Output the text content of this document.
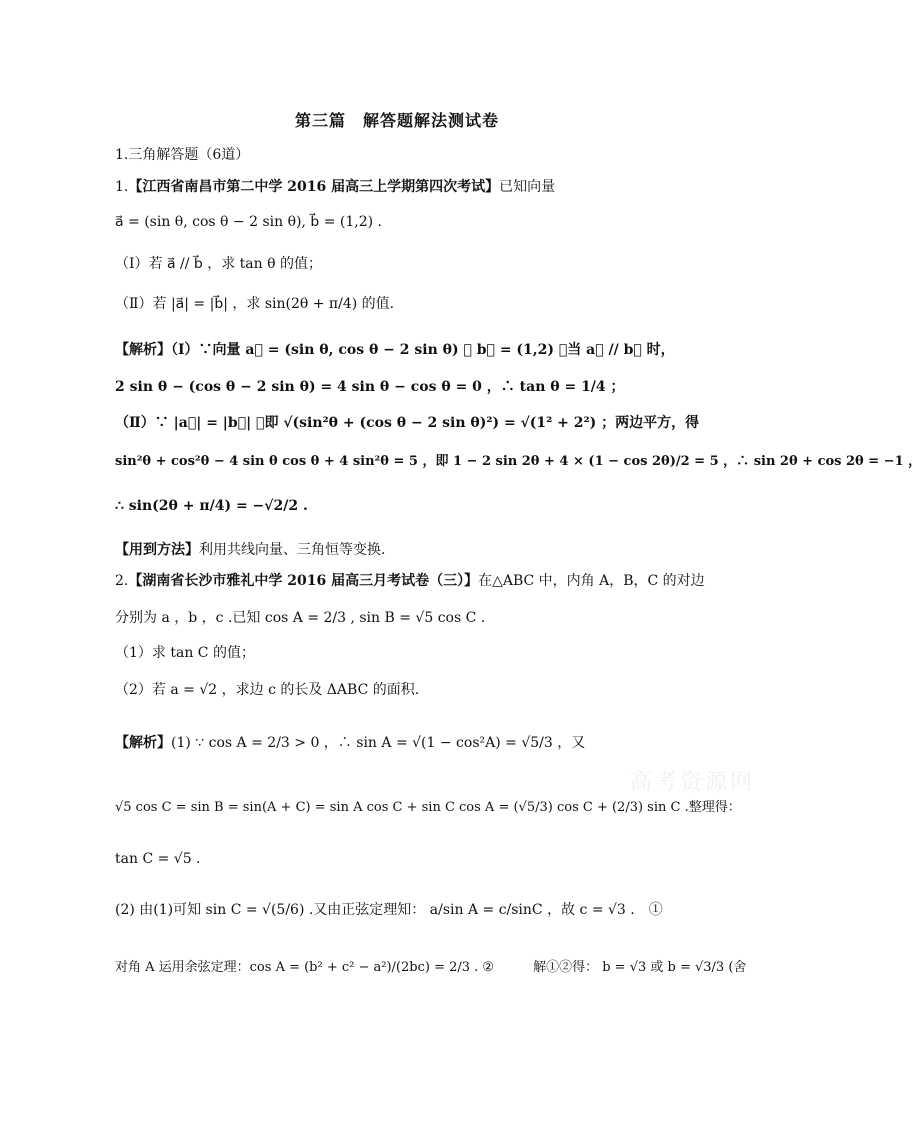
第三篇　解答题解法测试卷
1.三角解答题（6道）
1.【江西省南昌市第二中学 2016 届高三上学期第四次考试】已知向量
a⃗ = (sin θ, cos θ − 2 sin θ), b⃗ = (1,2) .
（Ⅰ）若 a⃗ // b⃗ ，求 tan θ 的值；
（Ⅱ）若 |a⃗| = |b⃗| ，求 sin(2θ + π/4) 的值.
【解析】（Ⅰ）∵向量 a⃗ = (sin θ, cos θ − 2 sin θ) ， b⃗ = (1,2) ，当 a⃗ // b⃗ 时，
2 sin θ − (cos θ − 2 sin θ) = 4 sin θ − cos θ = 0 ，∴ tan θ = 1/4 ；
（Ⅱ）∵ |a⃗| = |b⃗| ，即 √(sin²θ + (cos θ − 2 sin θ)²) = √(1² + 2²) ；两边平方，得
sin²θ + cos²θ − 4 sin θ cos θ + 4 sin²θ = 5 ，即 1 − 2 sin 2θ + 4 × (1 − cos 2θ)/2 = 5 ，∴ sin 2θ + cos 2θ = −1 ，
∴ sin(2θ + π/4) = −√2/2 .
【用到方法】利用共线向量、三角恒等变换.
2.【湖南省长沙市雅礼中学 2016 届高三月考试卷（三）】在△ABC 中，内角 A，B，C 的对边
分别为 a ，b ，c .已知 cos A = 2/3 , sin B = √5 cos C .
（1）求 tan C 的值；
（2）若 a = √2 ，求边 c 的长及 ΔABC 的面积.
【解析】(1) ∵ cos A = 2/3 > 0 ，∴ sin A = √(1 − cos²A) = √5/3 ，又
√5 cos C = sin B = sin(A + C) = sin A cos C + sin C cos A = (√5/3) cos C + (2/3) sin C .整理得：
tan C = √5 .
(2) 由(1)可知 sin C = √(5/6) .又由正弦定理知： a/sin A = c/sinC ，故 c = √3 .　①
对角 A 运用余弦定理：cos A = (b² + c² − a²)/(2bc) = 2/3 . ②　　　解①②得： b = √3 或 b = √3/3 (舍
高考资源网
